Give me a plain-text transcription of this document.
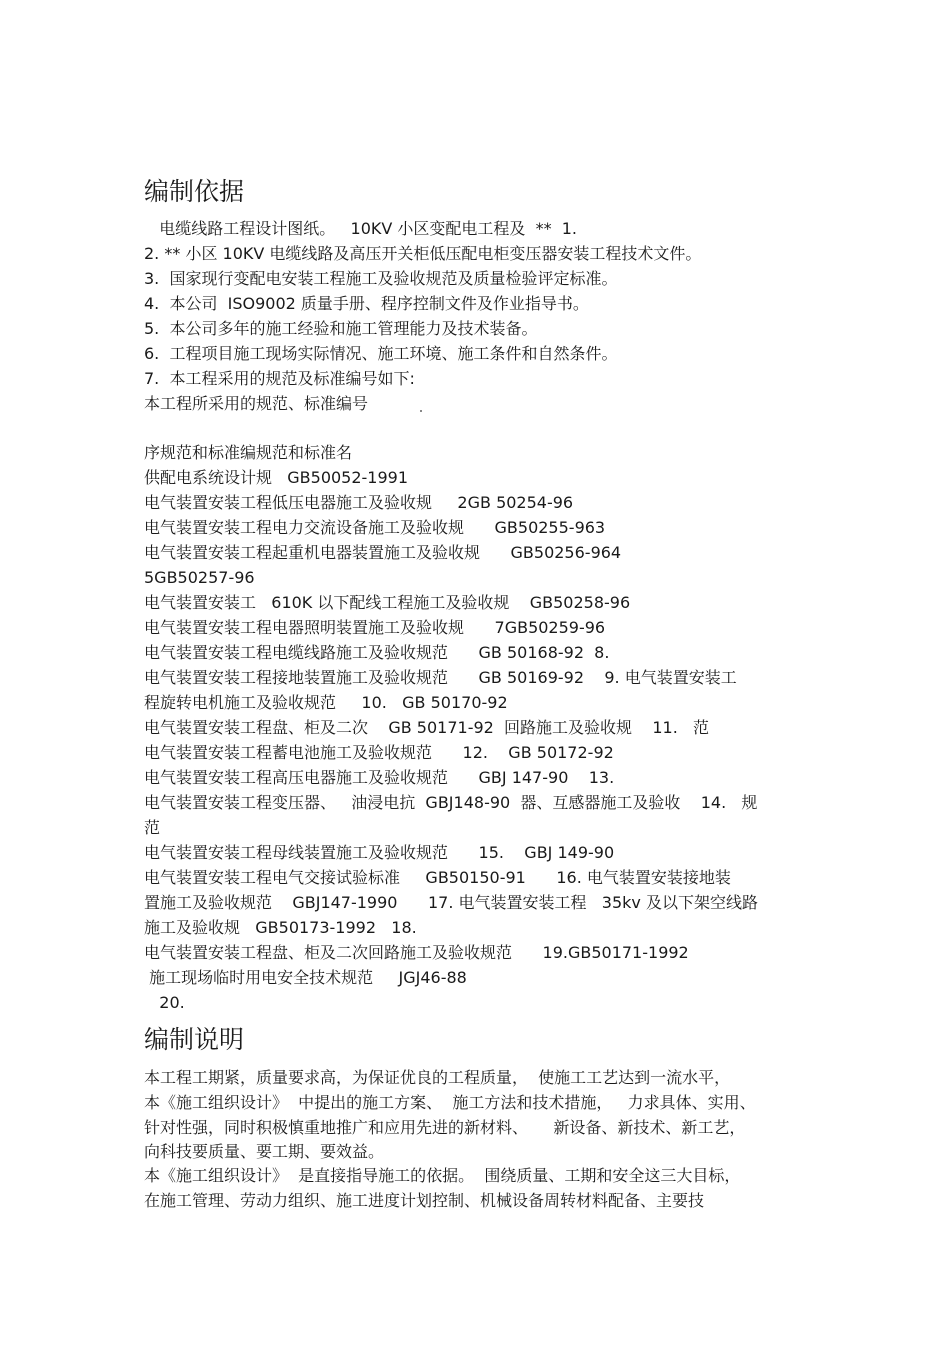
编制依据
电缆线路工程设计图纸。   10KV 小区变配电工程及  **  1.
2. ** 小区 10KV 电缆线路及高压开关柜低压配电柜变压器安装工程技术文件。
3.  国家现行变配电安装工程施工及验收规范及质量检验评定标准。
4.  本公司  ISO9002 质量手册、程序控制文件及作业指导书。
5.  本公司多年的施工经验和施工管理能力及技术装备。
6.  工程项目施工现场实际情况、施工环境、施工条件和自然条件。
7.  本工程采用的规范及标准编号如下:
本工程所采用的规范、标准编号
序规范和标准编规范和标准名
供配电系统设计规   GB50052-1991
电气装置安装工程低压电器施工及验收规     2GB 50254-96
电气装置安装工程电力交流设备施工及验收规      GB50255-963
电气装置安装工程起重机电器装置施工及验收规      GB50256-964
5GB50257-96
电气装置安装工   610K 以下配线工程施工及验收规    GB50258-96
电气装置安装工程电器照明装置施工及验收规      7GB50259-96
电气装置安装工程电缆线路施工及验收规范      GB 50168-92  8.
电气装置安装工程接地装置施工及验收规范      GB 50169-92    9. 电气装置安装工
程旋转电机施工及验收规范     10.   GB 50170-92
电气装置安装工程盘、柜及二次    GB 50171-92  回路施工及验收规    11.   范
电气装置安装工程蓄电池施工及验收规范      12.    GB 50172-92
电气装置安装工程高压电器施工及验收规范      GBJ 147-90    13.
电气装置安装工程变压器、   油浸电抗  GBJ148-90  器、互感器施工及验收    14.   规
范
电气装置安装工程母线装置施工及验收规范      15.    GBJ 149-90
电气装置安装工程电气交接试验标准     GB50150-91      16. 电气装置安装接地装
置施工及验收规范    GBJ147-1990      17. 电气装置安装工程   35kv 及以下架空线路
施工及验收规   GB50173-1992   18.
电气装置安装工程盘、柜及二次回路施工及验收规范      19.GB50171-1992
施工现场临时用电安全技术规范     JGJ46-88
20.
编制说明
本工程工期紧，质量要求高，为保证优良的工程质量，  使施工工艺达到一流水平，
本《施工组织设计》  中提出的施工方案、  施工方法和技术措施，   力求具体、实用、
针对性强，同时积极慎重地推广和应用先进的新材料、     新设备、新技术、新工艺，
向科技要质量、要工期、要效益。
本《施工组织设计》  是直接指导施工的依据。  围绕质量、工期和安全这三大目标，
在施工管理、劳动力组织、施工进度计划控制、机械设备周转材料配备、主要技
